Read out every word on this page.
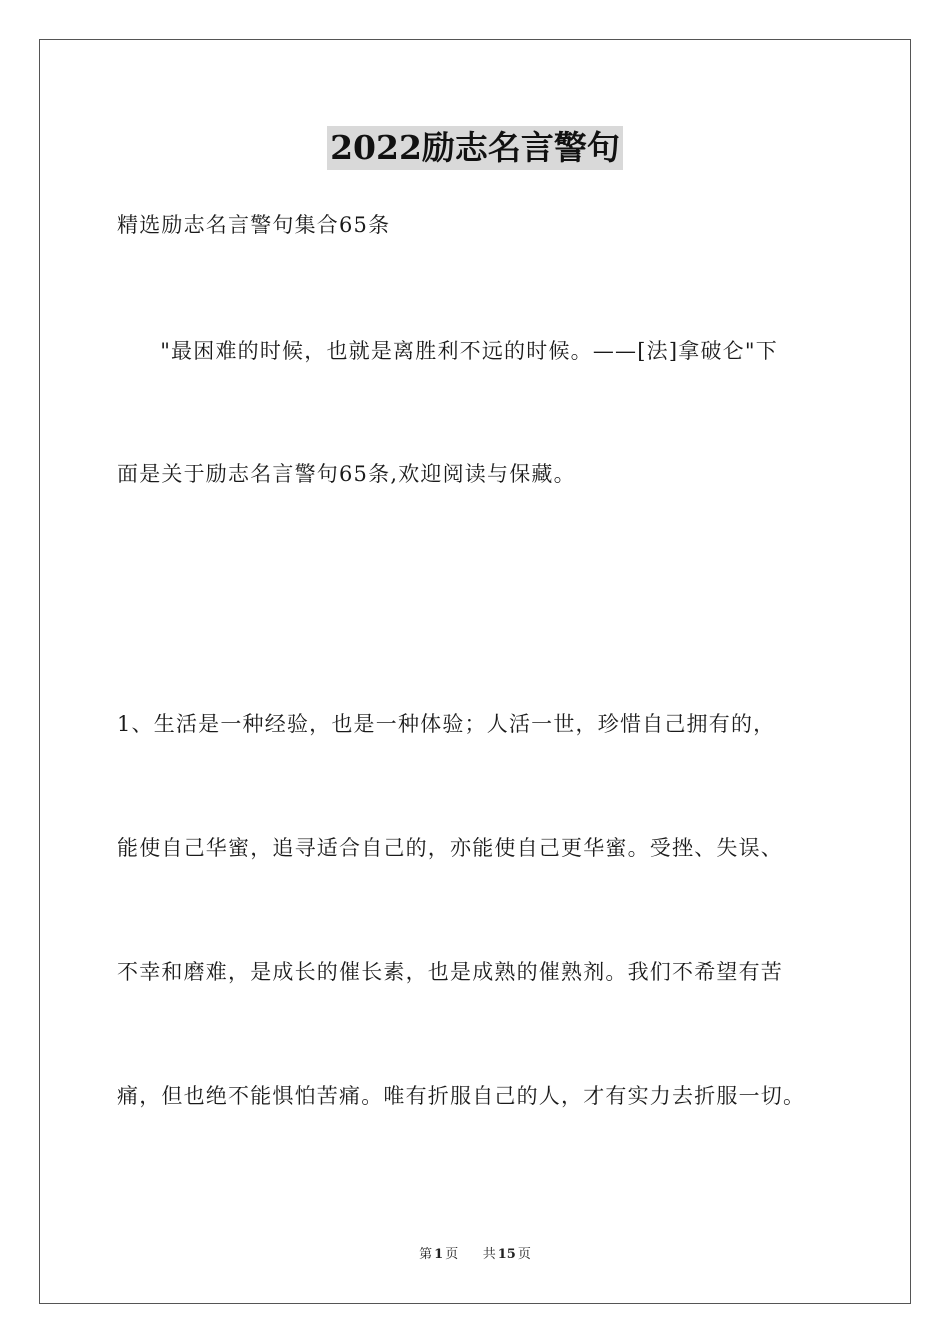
2022励志名言警句
精选励志名言警句集合65条
　"最困难的时候，也就是离胜利不远的时候。——[法]拿破仑"下
面是关于励志名言警句65条,欢迎阅读与保藏。
1、生活是一种经验，也是一种体验；人活一世，珍惜自己拥有的，
能使自己华蜜，追寻适合自己的，亦能使自己更华蜜。受挫、失误、
不幸和磨难，是成长的催长素，也是成熟的催熟剂。我们不希望有苦
痛，但也绝不能惧怕苦痛。唯有折服自己的人，才有实力去折服一切。
第 1 页 共 15 页
